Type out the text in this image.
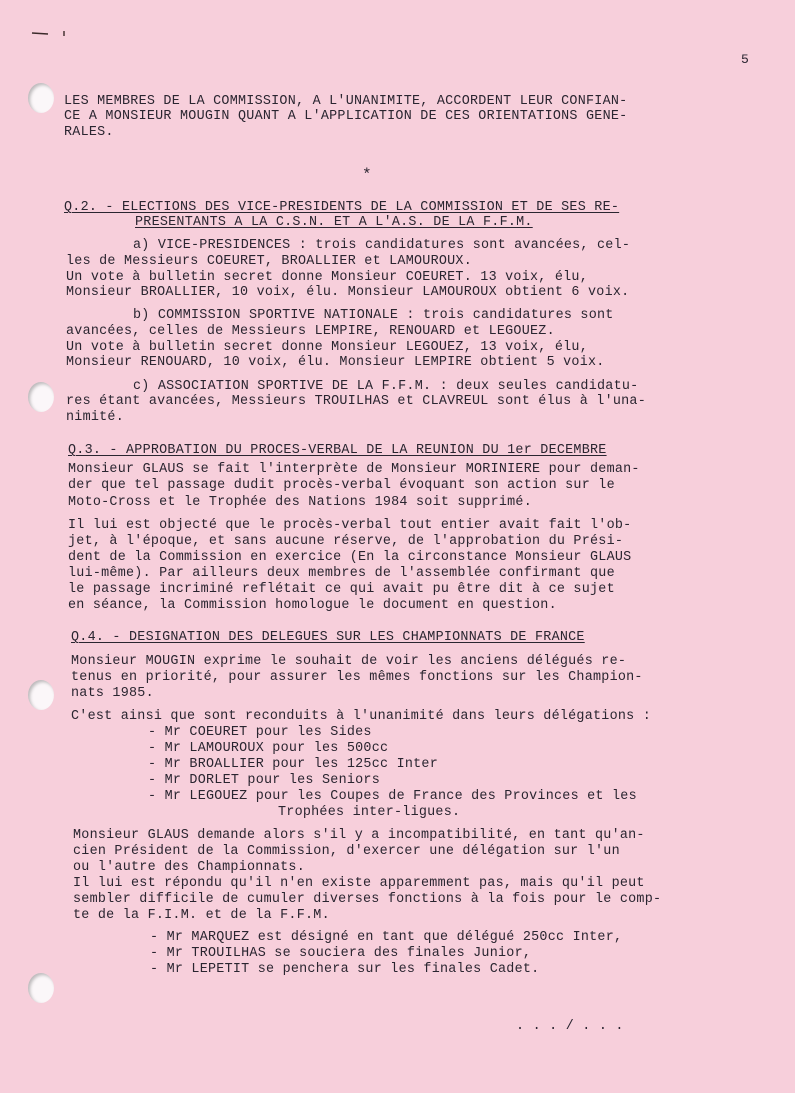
5
LES MEMBRES DE LA COMMISSION, A L'UNANIMITE, ACCORDENT LEUR CONFIAN-
CE A MONSIEUR MOUGIN QUANT A L'APPLICATION DE CES ORIENTATIONS GENE-
RALES.
*
Q.2. - ELECTIONS DES VICE-PRESIDENTS DE LA COMMISSION ET DE SES RE-
PRESENTANTS A LA C.S.N. ET A L'A.S. DE LA F.F.M.
a) VICE-PRESIDENCES : trois candidatures sont avancées, cel-
les de Messieurs COEURET, BROALLIER et LAMOUROUX.
Un vote à bulletin secret donne Monsieur COEURET. 13 voix, élu,
Monsieur BROALLIER, 10 voix, élu. Monsieur LAMOUROUX obtient 6 voix.
b) COMMISSION SPORTIVE NATIONALE : trois candidatures sont
avancées, celles de Messieurs LEMPIRE, RENOUARD et LEGOUEZ.
Un vote à bulletin secret donne Monsieur LEGOUEZ, 13 voix, élu,
Monsieur RENOUARD, 10 voix, élu. Monsieur LEMPIRE obtient 5 voix.
c) ASSOCIATION SPORTIVE DE LA F.F.M. : deux seules candidatu-
res étant avancées, Messieurs TROUILHAS et CLAVREUL sont élus à l'una-
nimité.
Q.3. - APPROBATION DU PROCES-VERBAL DE LA REUNION DU 1er DECEMBRE
Monsieur GLAUS se fait l'interprète de Monsieur MORINIERE pour deman-
der que tel passage dudit procès-verbal évoquant son action sur le
Moto-Cross et le Trophée des Nations 1984 soit supprimé.
Il lui est objecté que le procès-verbal tout entier avait fait l'ob-
jet, à l'époque, et sans aucune réserve, de l'approbation du Prési-
dent de la Commission en exercice (En la circonstance Monsieur GLAUS
lui-même). Par ailleurs deux membres de l'assemblée confirmant que
le passage incriminé reflétait ce qui avait pu être dit à ce sujet
en séance, la Commission homologue le document en question.
Q.4. - DESIGNATION DES DELEGUES SUR LES CHAMPIONNATS DE FRANCE
Monsieur MOUGIN exprime le souhait de voir les anciens délégués re-
tenus en priorité, pour assurer les mêmes fonctions sur les Champion-
nats 1985.
C'est ainsi que sont reconduits à l'unanimité dans leurs délégations :
- Mr COEURET pour les Sides
- Mr LAMOUROUX pour les 500cc
- Mr BROALLIER pour les 125cc Inter
- Mr DORLET pour les Seniors
- Mr LEGOUEZ pour les Coupes de France des Provinces et les
Trophées inter-ligues.
Monsieur GLAUS demande alors s'il y a incompatibilité, en tant qu'an-
cien Président de la Commission, d'exercer une délégation sur l'un
ou l'autre des Championnats.
Il lui est répondu qu'il n'en existe apparemment pas, mais qu'il peut
sembler difficile de cumuler diverses fonctions à la fois pour le comp-
te de la F.I.M. et de la F.F.M.
- Mr MARQUEZ est désigné en tant que délégué 250cc Inter,
- Mr TROUILHAS se souciera des finales Junior,
- Mr LEPETIT se penchera sur les finales Cadet.
. . . / . . .
